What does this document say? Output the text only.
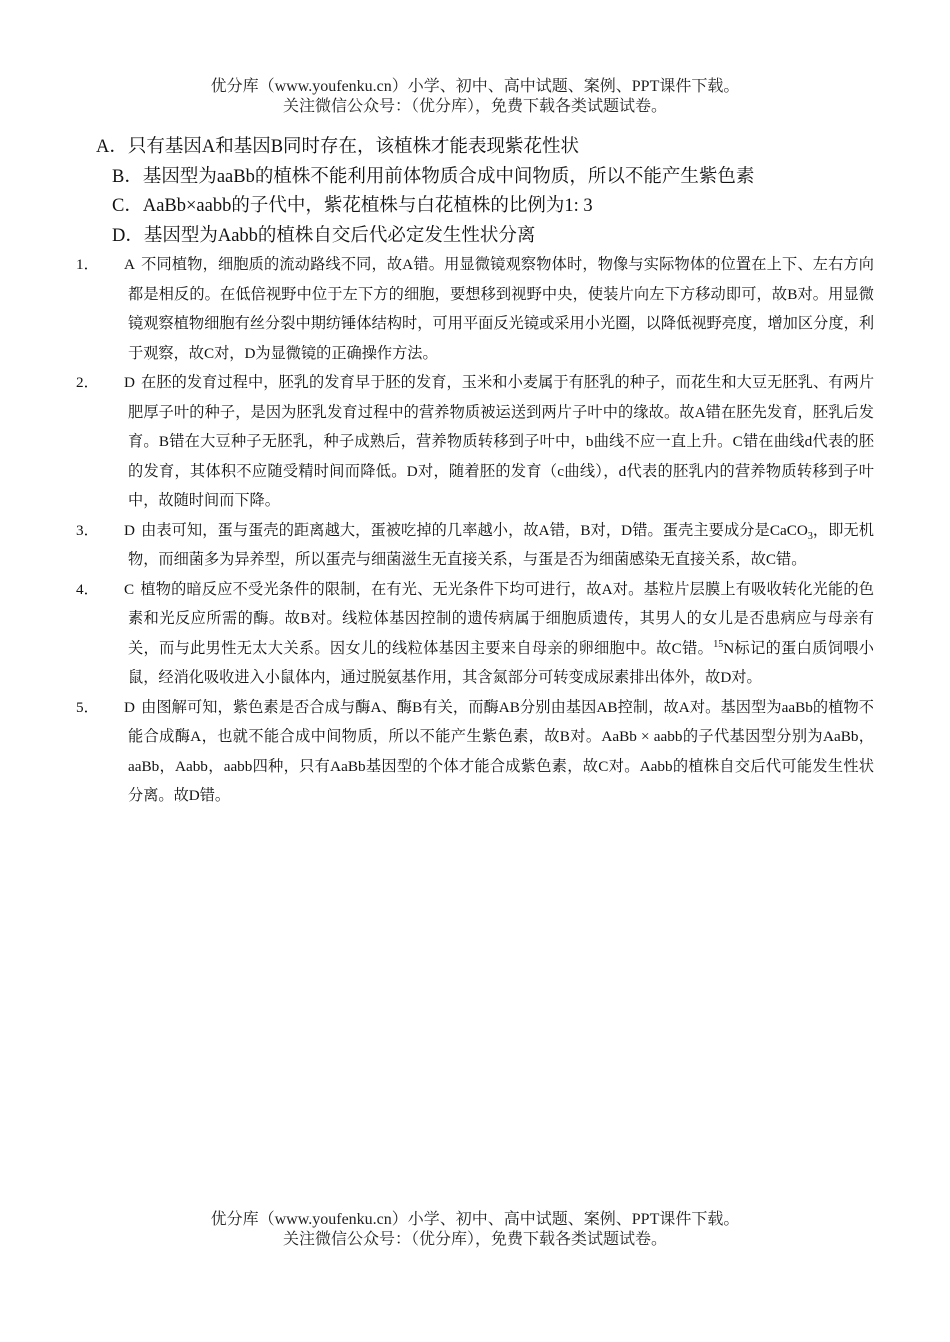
优分库（www.youfenku.cn）小学、初中、高中试题、案例、PPT课件下载。
关注微信公众号：（优分库），免费下载各类试题试卷。
A．只有基因A和基因B同时存在，该植株才能表现紫花性状
B．基因型为aaBb的植株不能利用前体物质合成中间物质，所以不能产生紫色素
C．AaBb×aabb的子代中，紫花植株与白花植株的比例为1: 3
D．基因型为Aabb的植株自交后代必定发生性状分离
1． A 不同植物，细胞质的流动路线不同，故A错。用显微镜观察物体时，物像与实际物体的位置在上下、左右方向都是相反的。在低倍视野中位于左下方的细胞，要想移到视野中央，使装片向左下方移动即可，故B对。用显微镜观察植物细胞有丝分裂中期纺锤体结构时，可用平面反光镜或采用小光圈，以降低视野亮度，增加区分度，利于观察，故C对，D为显微镜的正确操作方法。
2． D 在胚的发育过程中，胚乳的发育早于胚的发育，玉米和小麦属于有胚乳的种子，而花生和大豆无胚乳、有两片肥厚子叶的种子，是因为胚乳发育过程中的营养物质被运送到两片子叶中的缘故。故A错在胚先发育，胚乳后发育。B错在大豆种子无胚乳，种子成熟后，营养物质转移到子叶中，b曲线不应一直上升。C错在曲线d代表的胚的发育，其体积不应随受精时间而降低。D对，随着胚的发育（c曲线），d代表的胚乳内的营养物质转移到子叶中，故随时间而下降。
3． D 由表可知，蛋与蛋壳的距离越大，蛋被吃掉的几率越小，故A错，B对，D错。蛋壳主要成分是CaCO$_3$，即无机物，而细菌多为异养型，所以蛋壳与细菌滋生无直接关系，与蛋是否为细菌感染无直接关系，故C错。
4． C 植物的暗反应不受光条件的限制，在有光、无光条件下均可进行，故A对。基粒片层膜上有吸收转化光能的色素和光反应所需的酶。故B对。线粒体基因控制的遗传病属于细胞质遗传，其男人的女儿是否患病应与母亲有关，而与此男性无太大关系。因女儿的线粒体基因主要来自母亲的卵细胞中。故C错。$^{15}$N标记的蛋白质饲喂小鼠，经消化吸收进入小鼠体内，通过脱氨基作用，其含氮部分可转变成尿素排出体外，故D对。
5． D 由图解可知，紫色素是否合成与酶A、酶B有关，而酶AB分别由基因AB控制，故A对。基因型为aaBb的植物不能合成酶A，也就不能合成中间物质，所以不能产生紫色素，故B对。AaBb × aabb的子代基因型分别为AaBb，aaBb，Aabb，aabb四种，只有AaBb基因型的个体才能合成紫色素，故C对。Aabb的植株自交后代可能发生性状分离。故D错。
优分库（www.youfenku.cn）小学、初中、高中试题、案例、PPT课件下载。
关注微信公众号：（优分库），免费下载各类试题试卷。
